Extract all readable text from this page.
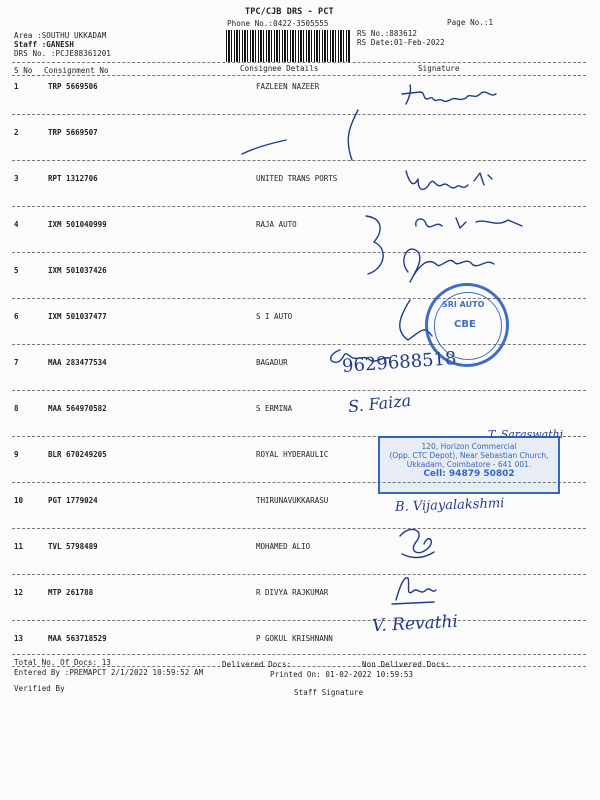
TPC/CJB DRS - PCT
Phone No.:0422-3505555	Page No.:1
Area :SOUTHU UKKADAM
Staff :GANESH
DRS No. :PCJE88361201
RS No.:883612
RS Date:01-Feb-2022
S No Consignment No	Consignee Details	Signature
1	TRP 5669506	FAZLEEN NAZEER
2	TRP 5669507
3	RPT 1312706	UNITED TRANS PORTS
4	IXM 501040999	RAJA AUTO
5	IXM 501037426
6	IXM 501037477	S I AUTO
7	MAA 283477534	BAGADUR
8	MAA 564970582	S ERMINA
9	BLR 670249205	ROYAL HYDERAULIC
10	PGT 1779024	THIRUNAVUKKARASU
11	TVL 5798489	MOHAMED ALIO
12	MTP 261788	R DIVYA RAJKUMAR
13	MAA 563718529	P GOKUL KRISHNANN
9629688518
S. Faiza
T. Saraswathi
B. Vijayalakshmi
V. Revathi
SRI AUTO
CBE
120, Horizon Commercial
(Opp. CTC Depot), Near Sebastian Church,
Ukkadam, Coimbatore - 641 001.
Cell: 94879 50802
Total No. Of Docs: 13	Delivered Docs:	Non Delivered Docs:
Entered By :PREMAPCT 2/1/2022 10:59:52 AM	Printed On: 01-02-2022 10:59:53
Verified By	Staff Signature
